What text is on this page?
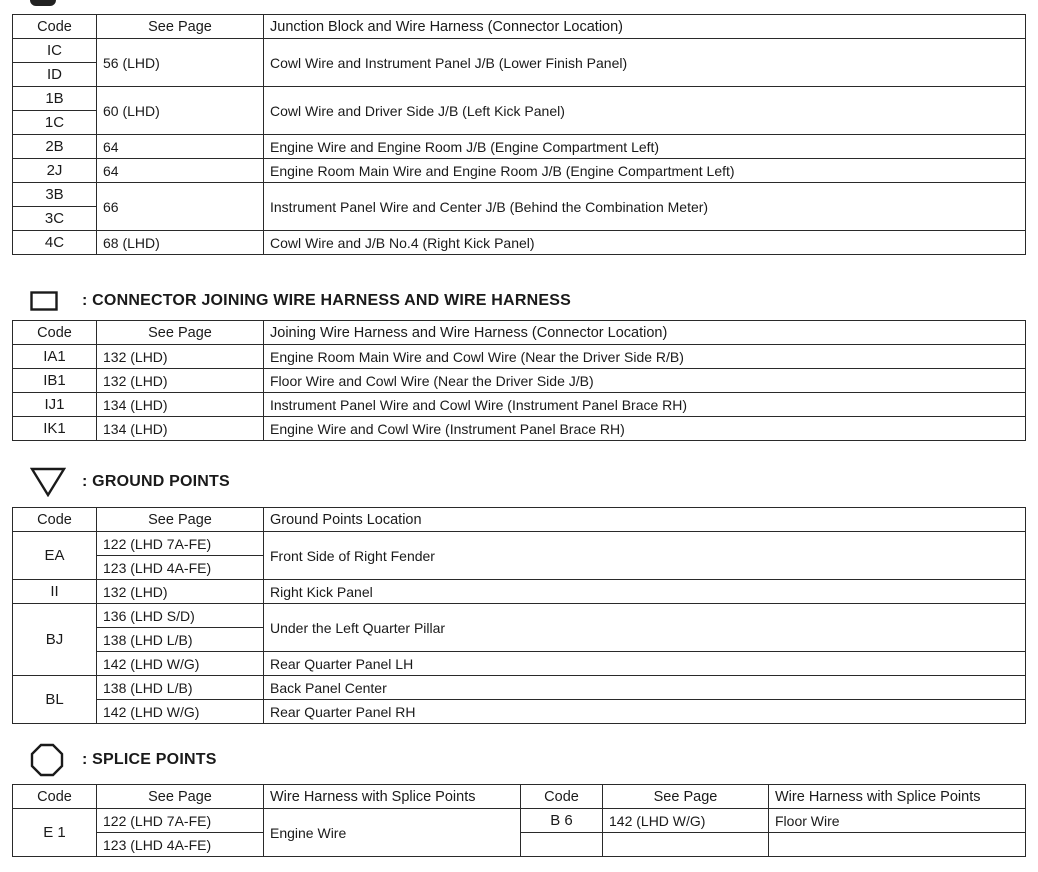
Code	See Page	Junction Block and Wire Harness (Connector Location)
IC	56 (LHD)	Cowl Wire and Instrument Panel J/B (Lower Finish Panel)
ID		
1B	60 (LHD)	Cowl Wire and Driver Side J/B (Left Kick Panel)
1C		
2B	64	Engine Wire and Engine Room J/B (Engine Compartment Left)
2J	64	Engine Room Main Wire and Engine Room J/B (Engine Compartment Left)
3B	66	Instrument Panel Wire and Center J/B (Behind the Combination Meter)
3C		
4C	68 (LHD)	Cowl Wire and J/B No.4 (Right Kick Panel)
: CONNECTOR JOINING WIRE HARNESS AND WIRE HARNESS
Code	See Page	Joining Wire Harness and Wire Harness (Connector Location)
IA1	132 (LHD)	Engine Room Main Wire and Cowl Wire (Near the Driver Side R/B)
IB1	132 (LHD)	Floor Wire and Cowl Wire (Near the Driver Side J/B)
IJ1	134 (LHD)	Instrument Panel Wire and Cowl Wire (Instrument Panel Brace RH)
IK1	134 (LHD)	Engine Wire and Cowl Wire (Instrument Panel Brace RH)
: GROUND POINTS
Code	See Page	Ground Points Location
EA	122 (LHD 7A-FE)	Front Side of Right Fender
	123 (LHD 4A-FE)	
II	132 (LHD)	Right Kick Panel
BJ	136 (LHD S/D)	Under the Left Quarter Pillar
	138 (LHD L/B)	
	142 (LHD W/G)	Rear Quarter Panel LH
BL	138 (LHD L/B)	Back Panel Center
	142 (LHD W/G)	Rear Quarter Panel RH
: SPLICE POINTS
Code	See Page	Wire Harness with Splice Points	Code	See Page	Wire Harness with Splice Points
E 1	122 (LHD 7A-FE)	Engine Wire	B 6	142 (LHD W/G)	Floor Wire
	123 (LHD 4A-FE)				
